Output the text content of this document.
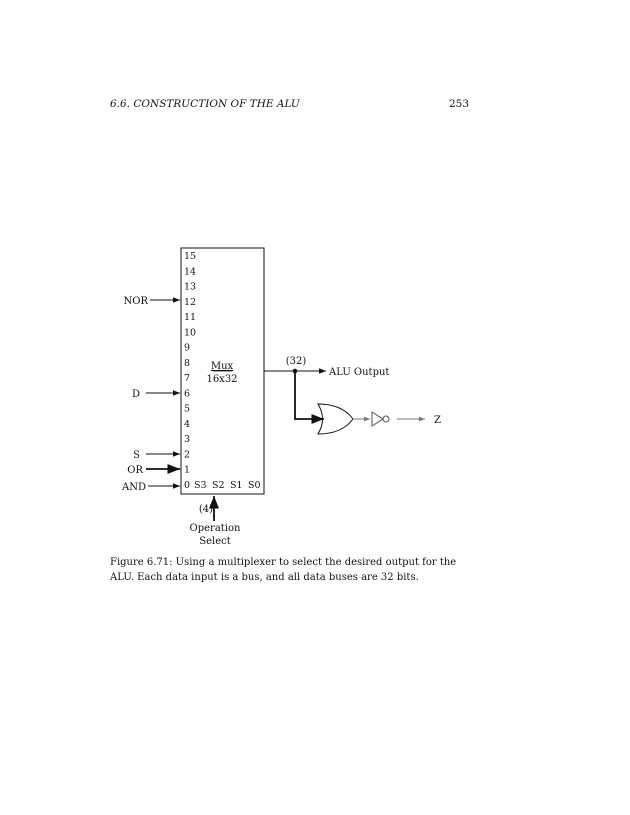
6.6. CONSTRUCTION OF THE ALU	253
15
14
13
12
11
10
9
8
7
6
5
4
3
2
1
0
Mux
16x32
S3 S2 S1 S0
NOR
D
S
OR
AND
(32)
ALU Output
Z
(4)
Operation
Select
Figure 6.71: Using a multiplexer to select the desired output for the ALU. Each data input is a bus, and all data buses are 32 bits.
